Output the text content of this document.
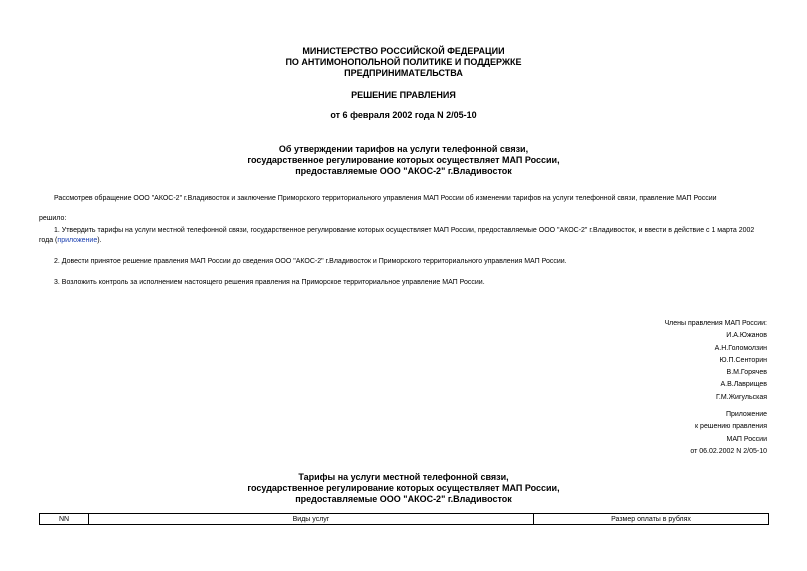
МИНИСТЕРСТВО РОССИЙСКОЙ ФЕДЕРАЦИИ
ПО АНТИМОНОПОЛЬНОЙ ПОЛИТИКЕ И ПОДДЕРЖКЕ
ПРЕДПРИНИМАТЕЛЬСТВА
РЕШЕНИЕ ПРАВЛЕНИЯ
от 6 февраля 2002 года N 2/05-10
Об утверждении тарифов на услуги телефонной связи,
государственное регулирование которых осуществляет МАП России,
предоставляемые ООО "АКОС-2" г.Владивосток
Рассмотрев обращение ООО "АКОС-2" г.Владивосток и заключение Приморского территориального управления МАП России об изменении тарифов на услуги телефонной связи, правление МАП России
решило:
1. Утвердить тарифы на услуги местной телефонной связи, государственное регулирование которых осуществляет МАП России, предоставляемые ООО "АКОС-2" г.Владивосток, и ввести в действие с 1 марта 2002 года (приложение).
2. Довести принятое решение правления МАП России до сведения ООО "АКОС-2" г.Владивосток и Приморского территориального управления МАП России.
3. Возложить контроль за исполнением настоящего решения правления на Приморское территориальное управление МАП России.
Члены правления МАП России:
И.А.Южанов
А.Н.Голомолзин
Ю.П.Сенторин
В.М.Горячев
А.В.Лаврищев
Г.М.Жигульская
Приложение
к решению правления
МАП России
от 06.02.2002 N 2/05-10
Тарифы на услуги местной телефонной связи,
государственное регулирование которых осуществляет МАП России,
предоставляемые ООО "АКОС-2" г.Владивосток
NN	Виды услуг	Размер оплаты в рублях
